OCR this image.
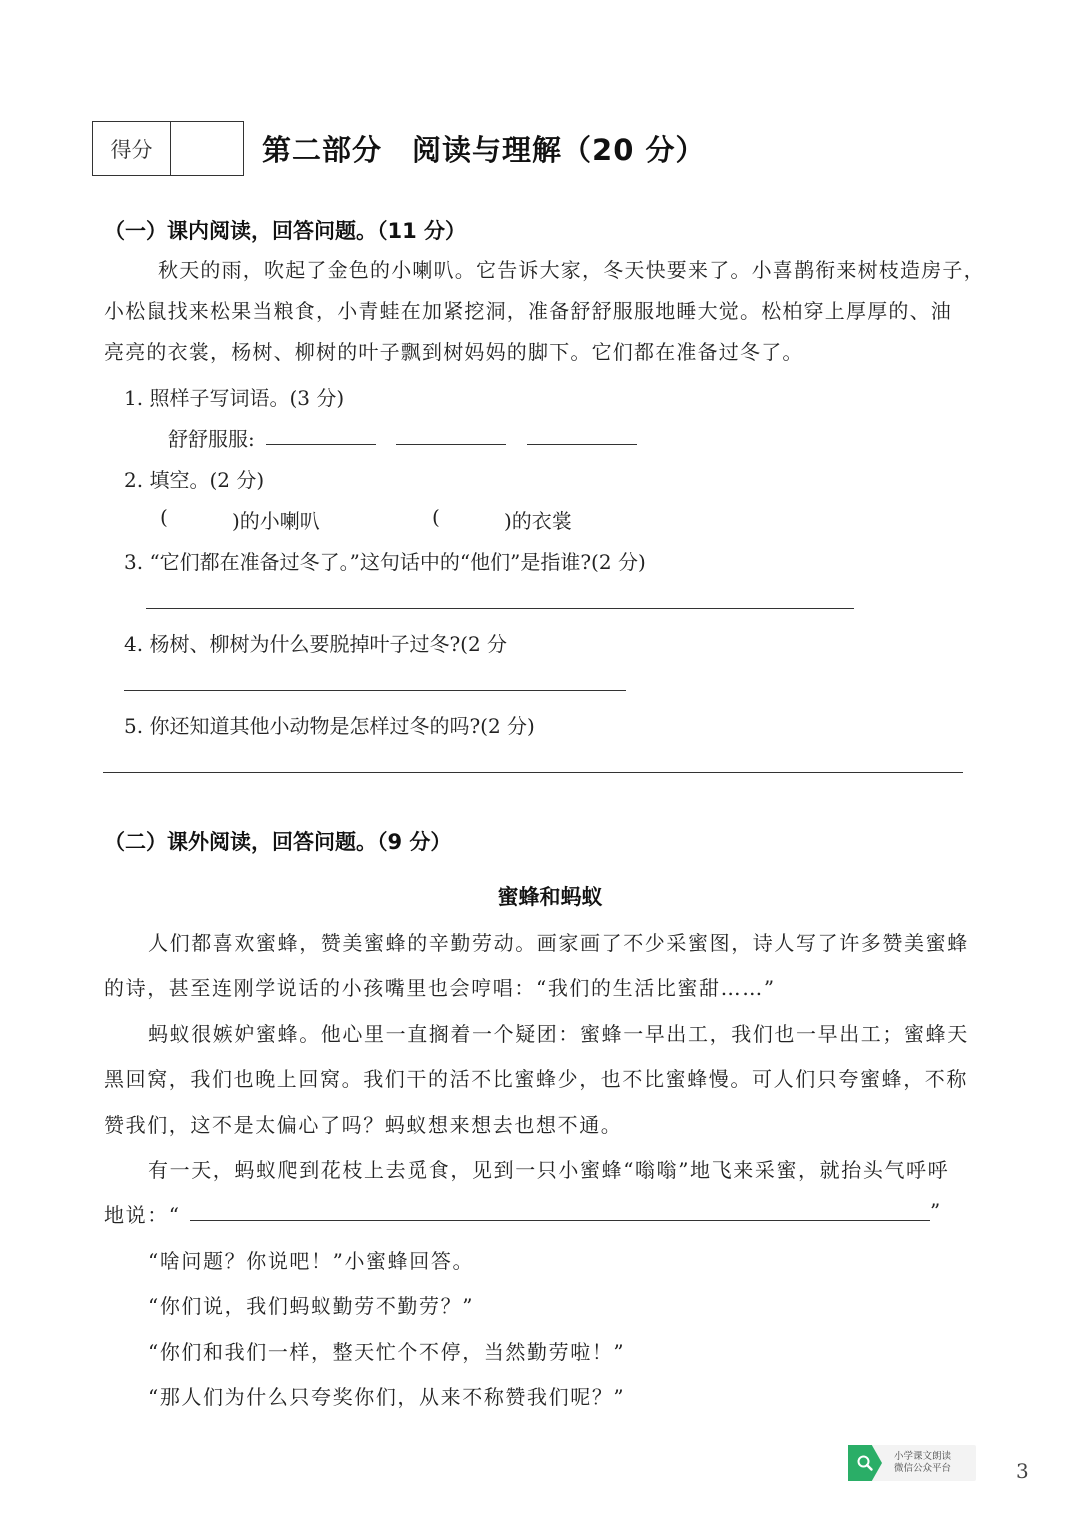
得分	第二部分 阅读与理解（20 分）
（一）课内阅读，回答问题。（11 分）
秋天的雨，吹起了金色的小喇叭。它告诉大家，冬天快要来了。小喜鹊衔来树枝造房子，
小松鼠找来松果当粮食，小青蛙在加紧挖洞，准备舒舒服服地睡大觉。松柏穿上厚厚的、油
亮亮的衣裳，杨树、柳树的叶子飘到树妈妈的脚下。它们都在准备过冬了。
1. 照样子写词语。(3 分)
舒舒服服:
2. 填空。(2 分)
(	)的小喇叭	(	)的衣裳
3. “它们都在准备过冬了。”这句话中的“他们”是指谁?(2 分)
4. 杨树、柳树为什么要脱掉叶子过冬?(2 分
5. 你还知道其他小动物是怎样过冬的吗?(2 分)
（二）课外阅读，回答问题。（9 分）
蜜蜂和蚂蚁

人们都喜欢蜜蜂，赞美蜜蜂的辛勤劳动。画家画了不少采蜜图，诗人写了许多赞美蜜蜂

的诗，甚至连刚学说话的小孩嘴里也会哼唱：“我们的生活比蜜甜……”

蚂蚁很嫉妒蜜蜂。他心里一直搁着一个疑团：蜜蜂一早出工，我们也一早出工；蜜蜂天

黑回窝，我们也晚上回窝。我们干的活不比蜜蜂少，也不比蜜蜂慢。可人们只夸蜜蜂，不称

赞我们，这不是太偏心了吗？蚂蚁想来想去也想不通。

有一天，蚂蚁爬到花枝上去觅食，见到一只小蜜蜂“嗡嗡”地飞来采蜜，就抬头气呼呼

地说：“	”

“啥问题？你说吧！”小蜜蜂回答。

“你们说，我们蚂蚁勤劳不勤劳？”

“你们和我们一样，整天忙个不停，当然勤劳啦！”

“那人们为什么只夸奖你们，从来不称赞我们呢？”

小学课文朗读
微信公众平台	3
